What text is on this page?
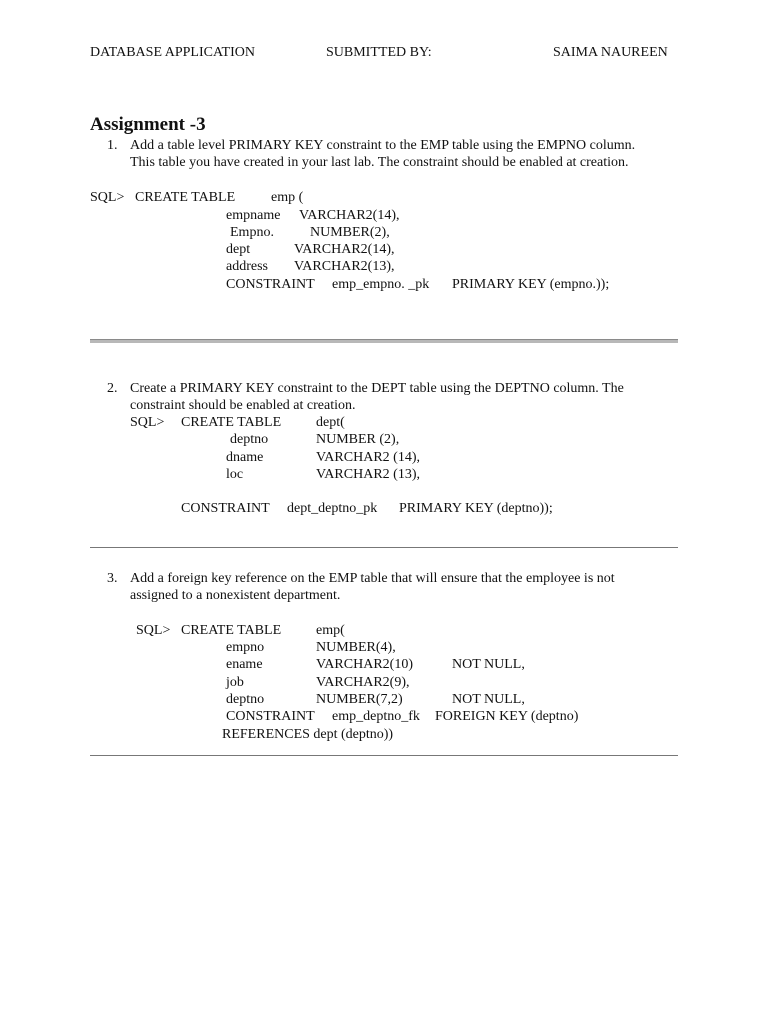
DATABASE APPLICATION	SUBMITTED BY:	SAIMA NAUREEN
Assignment -3
1. Add a table level PRIMARY KEY constraint to the EMP table using the EMPNO column.
This table you have created in your last lab. The constraint should be enabled at creation.
SQL> CREATE TABLE	emp (
empname VARCHAR2(14),
Empno.	NUMBER(2),
dept	VARCHAR2(14),
address VARCHAR2(13),
CONSTRAINT emp_empno. _pk PRIMARY KEY (empno.));
2. Create a PRIMARY KEY constraint to the DEPT table using the DEPTNO column. The
constraint should be enabled at creation.
SQL> CREATE TABLE dept(
deptno	NUMBER (2),
dname	VARCHAR2 (14),
loc	VARCHAR2 (13),
CONSTRAINT dept_deptno_pk PRIMARY KEY (deptno));
3. Add a foreign key reference on the EMP table that will ensure that the employee is not
assigned to a nonexistent department.
SQL> CREATE TABLE emp(
empno	NUMBER(4),
ename	VARCHAR2(10)	NOT NULL,
job	VARCHAR2(9),
deptno	NUMBER(7,2)	NOT NULL,
CONSTRAINT emp_deptno_fk FOREIGN KEY (deptno)
REFERENCES dept (deptno))
